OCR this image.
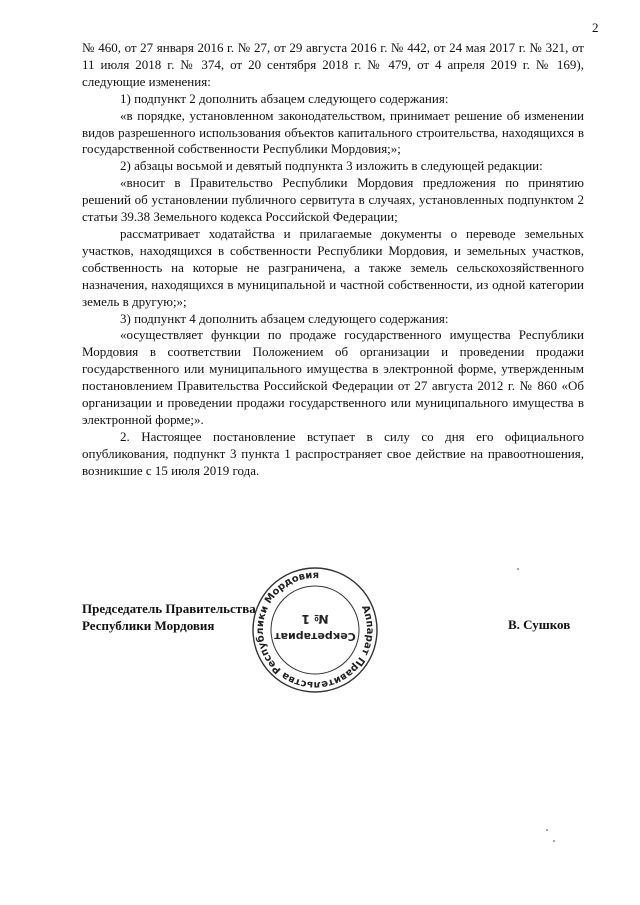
2

№ 460, от 27 января 2016 г. № 27, от 29 августа 2016 г. № 442, от 24 мая 2017 г. № 321, от 11 июля 2018 г. № 374, от 20 сентября 2018 г. № 479, от 4 апреля 2019 г. № 169), следующие изменения:

1) подпункт 2 дополнить абзацем следующего содержания:

«в порядке, установленном законодательством, принимает решение об изменении видов разрешенного использования объектов капитального строительства, находящихся в государственной собственности Республики Мордовия;»;

2) абзацы восьмой и девятый подпункта 3 изложить в следующей редакции:

«вносит в Правительство Республики Мордовия предложения по принятию решений об установлении публичного сервитута в случаях, установленных подпунктом 2 статьи 39.38 Земельного кодекса Российской Федерации;

рассматривает ходатайства и прилагаемые документы о переводе земельных участков, находящихся в собственности Республики Мордовия, и земельных участков, собственность на которые не разграничена, а также земель сельскохозяйственного назначения, находящихся в муниципальной и частной собственности, из одной категории земель в другую;»;

3) подпункт 4 дополнить абзацем следующего содержания:

«осуществляет функции по продаже государственного имущества Республики Мордовия в соответствии Положением об организации и проведении продажи государственного или муниципального имущества в электронной форме, утвержденным постановлением Правительства Российской Федерации от 27 августа 2012 г. № 860 «Об организации и проведении продажи государственного или муниципального имущества в электронной форме;».

2. Настоящее постановление вступает в силу со дня его официального опубликования, подпункт 3 пункта 1 распространяет свое действие на правоотношения, возникшие с 15 июля 2019 года.

Председатель Правительства
Республики Мордовия	В. Сушков
Аппарат Правительства Республики Мордовия
Секретариат
№ 1
